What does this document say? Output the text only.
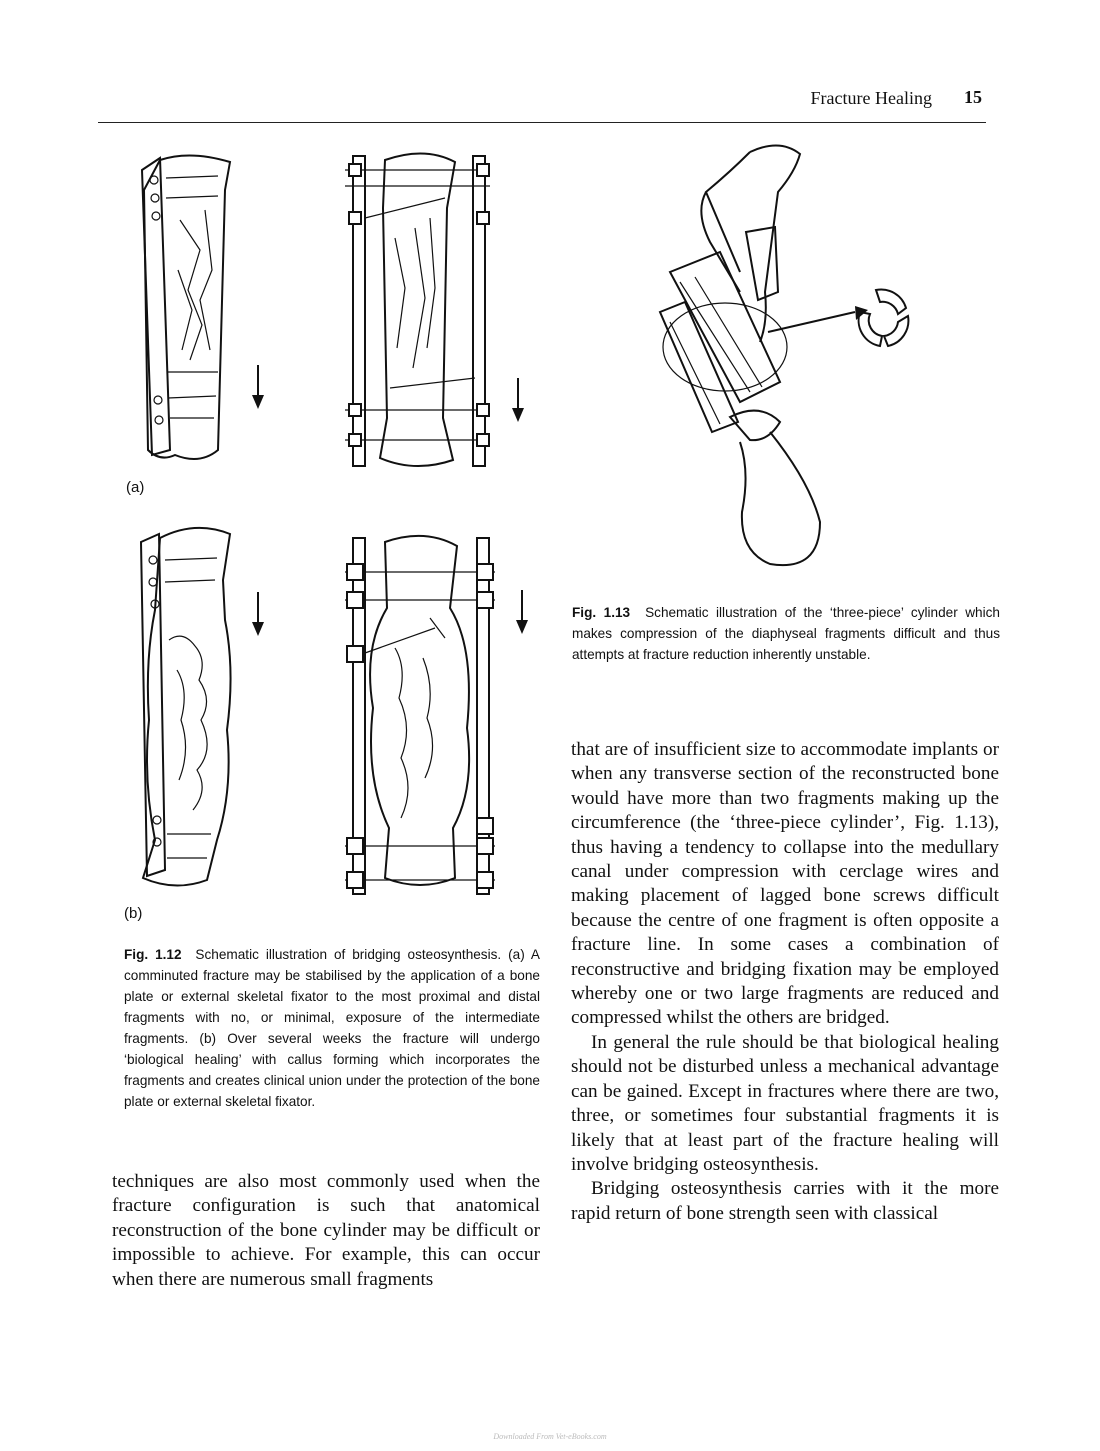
Fracture Healing 15
(a)
(b)
Fig. 1.12 Schematic illustration of bridging osteosynthesis. (a) A comminuted fracture may be stabilised by the application of a bone plate or external skeletal fixator to the most proximal and distal fragments with no, or minimal, exposure of the intermediate fragments. (b) Over several weeks the fracture will undergo ‘biological healing’ with callus forming which incorporates the fragments and creates clinical union under the protection of the bone plate or external skeletal fixator.
Fig. 1.13 Schematic illustration of the ‘three-piece’ cylinder which makes compression of the diaphyseal fragments difficult and thus attempts at fracture reduction inherently unstable.

techniques are also most commonly used when the fracture configuration is such that anatomical reconstruction of the bone cylinder may be difficult or impossible to achieve. For example, this can occur when there are numerous small fragments

that are of insufficient size to accommodate implants or when any transverse section of the reconstructed bone would have more than two fragments making up the circumference (the ‘three-piece cylinder’, Fig. 1.13), thus having a tendency to collapse into the medullary canal under compression with cerclage wires and making placement of lagged bone screws difficult because the centre of one fragment is often opposite a fracture line. In some cases a combination of reconstructive and bridging fixation may be employed whereby one or two large fragments are reduced and compressed whilst the others are bridged.

In general the rule should be that biological healing should not be disturbed unless a mechanical advantage can be gained. Except in fractures where there are two, three, or sometimes four substantial fragments it is likely that at least part of the fracture healing will involve bridging osteosynthesis.

Bridging osteosynthesis carries with it the more rapid return of bone strength seen with classical

Downloaded From Vet-eBooks.com
